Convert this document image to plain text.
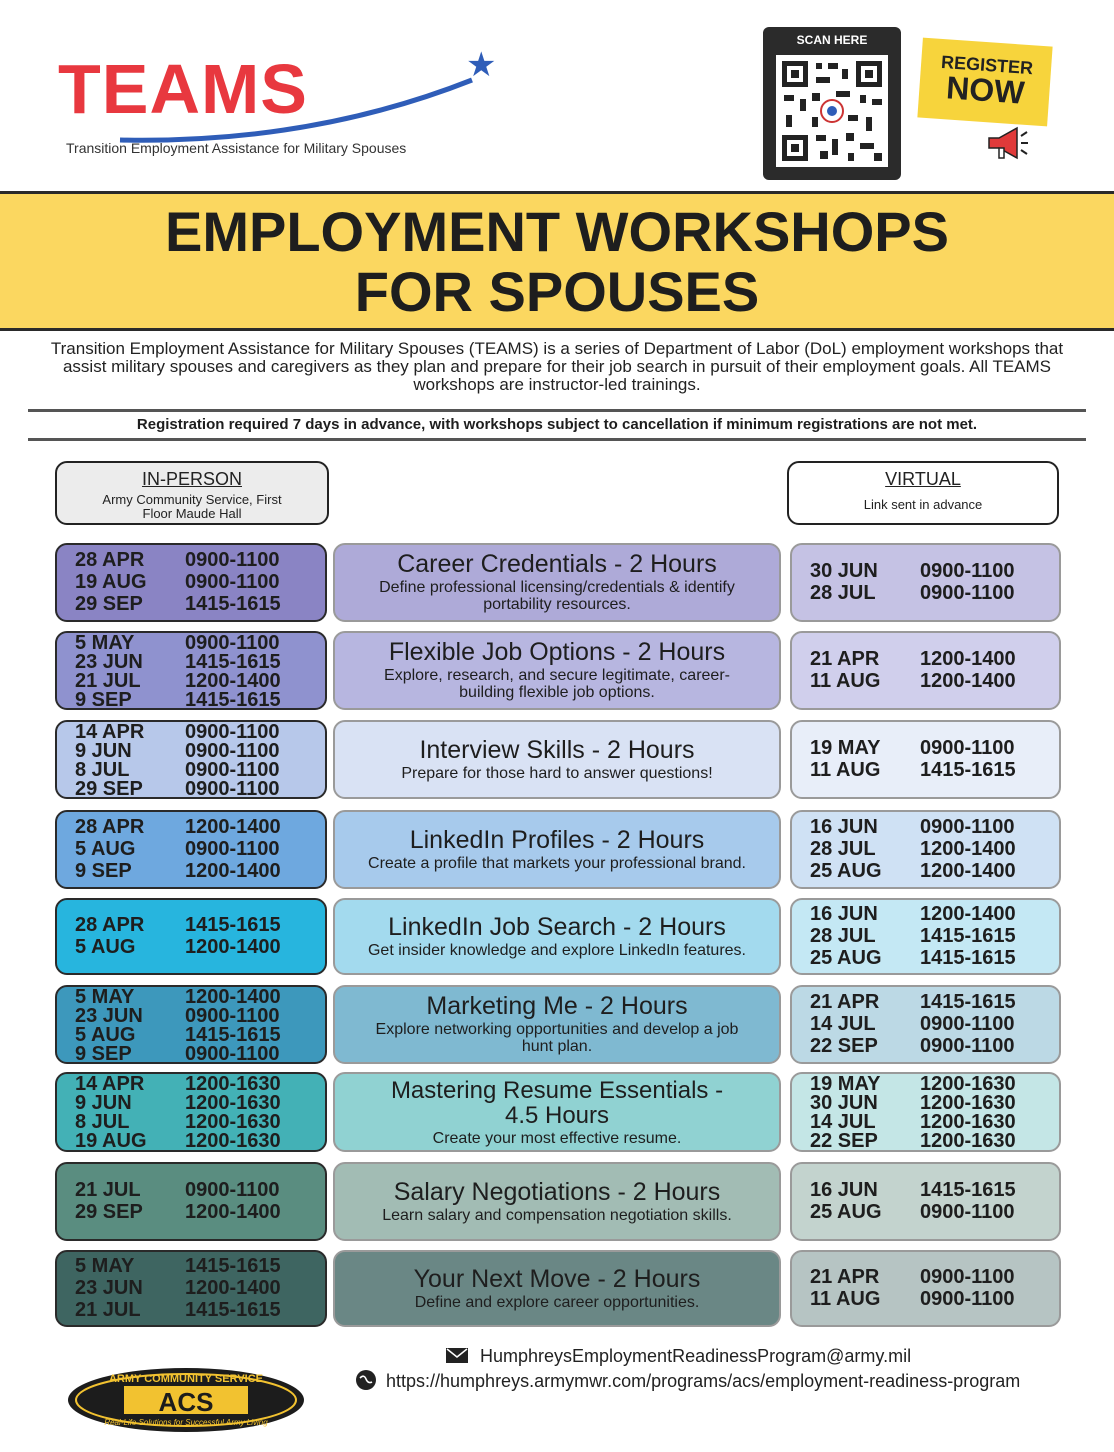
TEAMS	★
Transition Employment Assistance for Military Spouses
SCAN HERE
REGISTER
NOW
EMPLOYMENT WORKSHOPS
FOR SPOUSES
Transition Employment Assistance for Military Spouses (TEAMS) is a series of Department of Labor (DoL) employment workshops that assist military spouses and caregivers as they plan and prepare for their job search in pursuit of their employment goals. All TEAMS workshops are instructor-led trainings.
Registration required 7 days in advance, with workshops subject to cancellation if minimum registrations are not met.
IN-PERSON
Army Community Service, First Floor Maude Hall
VIRTUAL
Link sent in advance
28 APR	0900-1100
19 AUG	0900-1100
29 SEP	1415-1615
Career Credentials - 2 Hours
Define professional licensing/credentials & identify portability resources.
30 JUN	0900-1100
28 JUL	0900-1100
5 MAY	0900-1100
23 JUN	1415-1615
21 JUL	1200-1400
9 SEP	1415-1615
Flexible Job Options - 2 Hours
Explore, research, and secure legitimate, career-building flexible job options.
21 APR	1200-1400
11 AUG	1200-1400
14 APR	0900-1100
9 JUN	0900-1100
8 JUL	0900-1100
29 SEP	0900-1100
Interview Skills - 2 Hours
Prepare for those hard to answer questions!
19 MAY	0900-1100
11 AUG	1415-1615
28 APR	1200-1400
5 AUG	0900-1100
9 SEP	1200-1400
LinkedIn Profiles - 2 Hours
Create a profile that markets your professional brand.
16 JUN	0900-1100
28 JUL	1200-1400
25 AUG	1200-1400
28 APR	1415-1615
5 AUG	1200-1400
LinkedIn Job Search - 2 Hours
Get insider knowledge and explore LinkedIn features.
16 JUN	1200-1400
28 JUL	1415-1615
25 AUG	1415-1615
5 MAY	1200-1400
23 JUN	0900-1100
5 AUG	1415-1615
9 SEP	0900-1100
Marketing Me - 2 Hours
Explore networking opportunities and develop a job hunt plan.
21 APR	1415-1615
14 JUL	0900-1100
22 SEP	0900-1100
14 APR	1200-1630
9 JUN	1200-1630
8 JUL	1200-1630
19 AUG	1200-1630
Mastering Resume Essentials - 4.5 Hours
Create your most effective resume.
19 MAY	1200-1630
30 JUN	1200-1630
14 JUL	1200-1630
22 SEP	1200-1630
21 JUL	0900-1100
29 SEP	1200-1400
Salary Negotiations - 2 Hours
Learn salary and compensation negotiation skills.
16 JUN	1415-1615
25 AUG	0900-1100
5 MAY	1415-1615
23 JUN	1200-1400
21 JUL	1415-1615
Your Next Move - 2 Hours
Define and explore career opportunities.
21 APR	0900-1100
11 AUG	0900-1100
ARMY COMMUNITY SERVICE
ACS
Real-Life Solutions for Successful Army Living
HumphreysEmploymentReadinessProgram@army.mil
https://humphreys.armymwr.com/programs/acs/employment-readiness-program
